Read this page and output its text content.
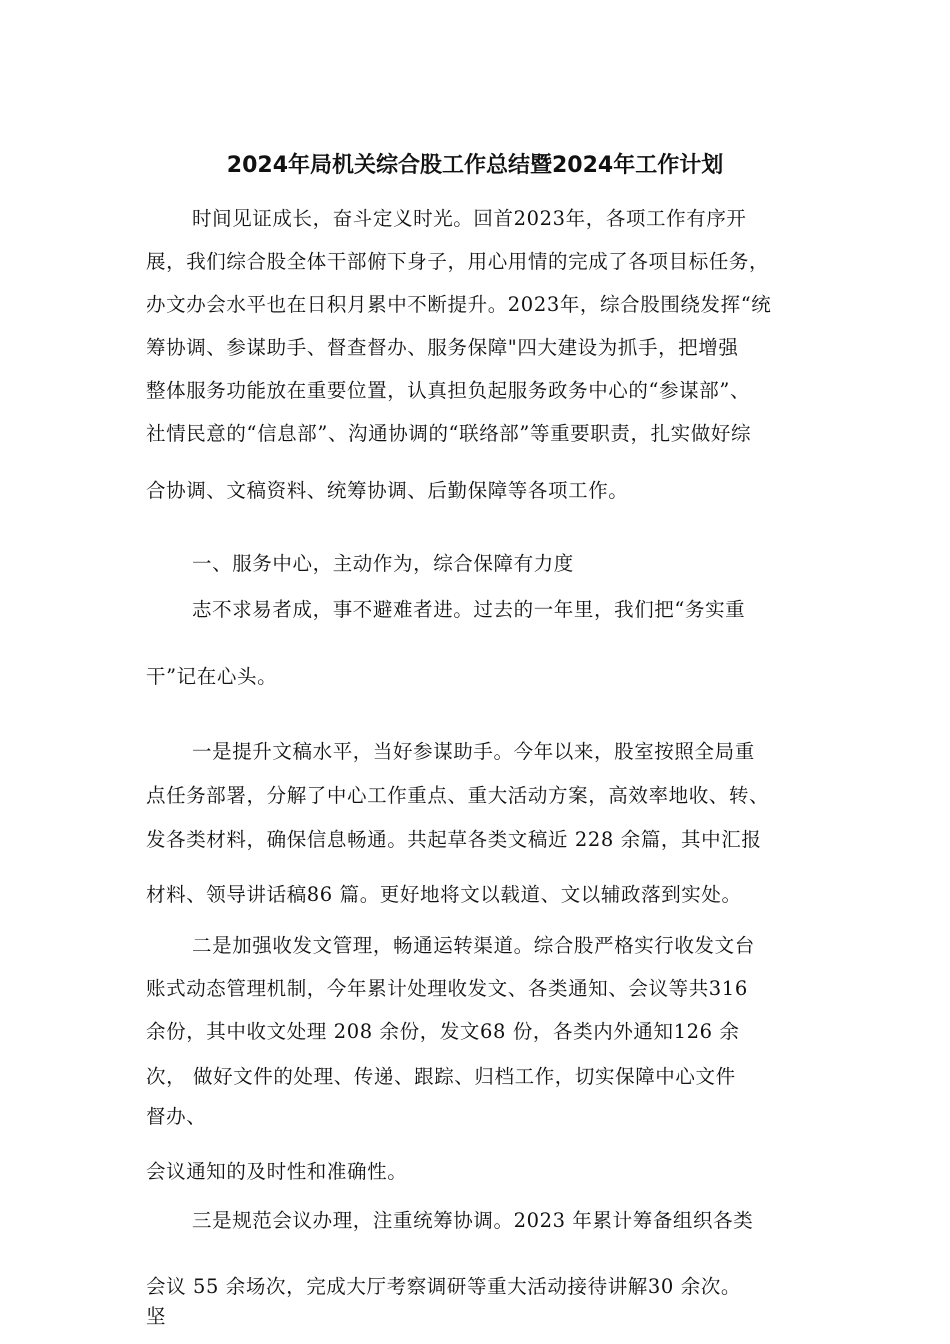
2024年局机关综合股工作总结暨2024年工作计划

时间见证成长，奋斗定义时光。回首2023年，各项工作有序开

展，我们综合股全体干部俯下身子，用心用情的完成了各项目标任务，

办文办会水平也在日积月累中不断提升。2023年，综合股围绕发挥“统

筹协调、参谋助手、督查督办、服务保障"四大建设为抓手，把增强

整体服务功能放在重要位置，认真担负起服务政务中心的“参谋部”、

社情民意的“信息部”、沟通协调的“联络部”等重要职责，扎实做好综

合协调、文稿资料、统筹协调、后勤保障等各项工作。

一、服务中心，主动作为，综合保障有力度

志不求易者成，事不避难者进。过去的一年里，我们把“务实重

干”记在心头。

一是提升文稿水平，当好参谋助手。今年以来，股室按照全局重

点任务部署，分解了中心工作重点、重大活动方案，高效率地收、转、

发各类材料，确保信息畅通。共起草各类文稿近 228 余篇，其中汇报

材料、领导讲话稿86 篇。更好地将文以载道、文以辅政落到实处。

二是加强收发文管理，畅通运转渠道。综合股严格实行收发文台

账式动态管理机制，今年累计处理收发文、各类通知、会议等共316

余份，其中收文处理 208 余份，发文68 份，各类内外通知126 余

次， 做好文件的处理、传递、跟踪、归档工作，切实保障中心文件

督办、

会议通知的及时性和准确性。

三是规范会议办理，注重统筹协调。2023 年累计筹备组织各类

会议 55 余场次，完成大厅考察调研等重大活动接待讲解30 余次。

坚
